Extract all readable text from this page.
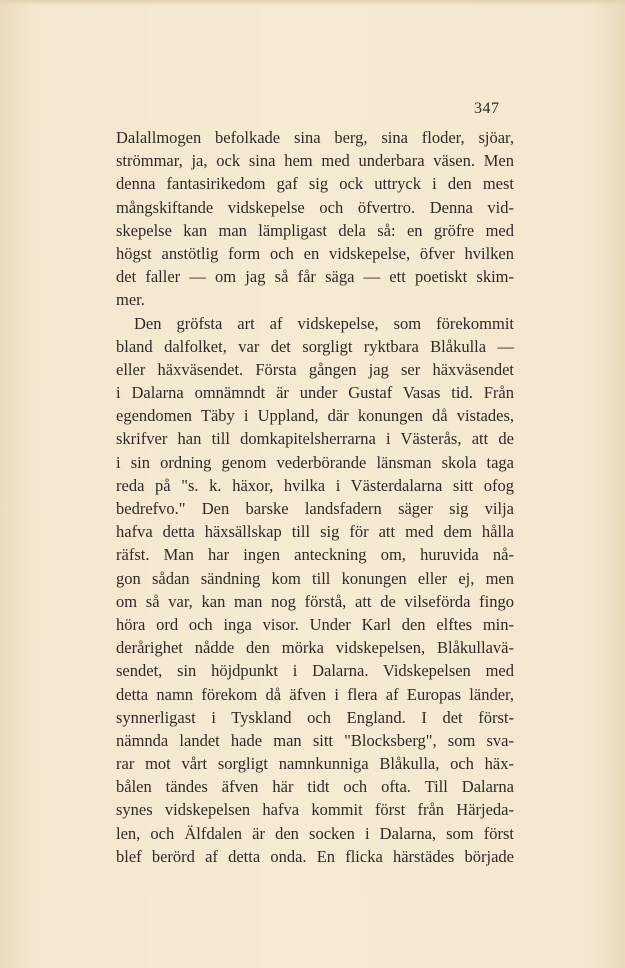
347
Dalallmogen befolkade sina berg, sina floder, sjöar,
strömmar, ja, ock sina hem med underbara väsen. Men
denna fantasirikedom gaf sig ock uttryck i den mest
mångskiftande vidskepelse och öfvertro. Denna vid-
skepelse kan man lämpligast dela så: en gröfre med
högst anstötlig form och en vidskepelse, öfver hvilken
det faller — om jag så får säga — ett poetiskt skim-
mer.
Den gröfsta art af vidskepelse, som förekommit
bland dalfolket, var det sorgligt ryktbara Blåkulla —
eller häxväsendet. Första gången jag ser häxväsendet
i Dalarna omnämndt är under Gustaf Vasas tid. Från
egendomen Täby i Uppland, där konungen då vistades,
skrifver han till domkapitelsherrarna i Västerås, att de
i sin ordning genom vederbörande länsman skola taga
reda på "s. k. häxor, hvilka i Västerdalarna sitt ofog
bedrefvo." Den barske landsfadern säger sig vilja
hafva detta häxsällskap till sig för att med dem hålla
räfst. Man har ingen anteckning om, huruvida nå-
gon sådan sändning kom till konungen eller ej, men
om så var, kan man nog förstå, att de vilseförda fingo
höra ord och inga visor. Under Karl den elftes min-
derårighet nådde den mörka vidskepelsen, Blåkullavä-
sendet, sin höjdpunkt i Dalarna. Vidskepelsen med
detta namn förekom då äfven i flera af Europas länder,
synnerligast i Tyskland och England. I det först-
nämnda landet hade man sitt "Blocksberg", som sva-
rar mot vårt sorgligt namnkunniga Blåkulla, och häx-
bålen tändes äfven här tidt och ofta. Till Dalarna
synes vidskepelsen hafva kommit först från Härjeda-
len, och Älfdalen är den socken i Dalarna, som först
blef berörd af detta onda. En flicka härstädes började
